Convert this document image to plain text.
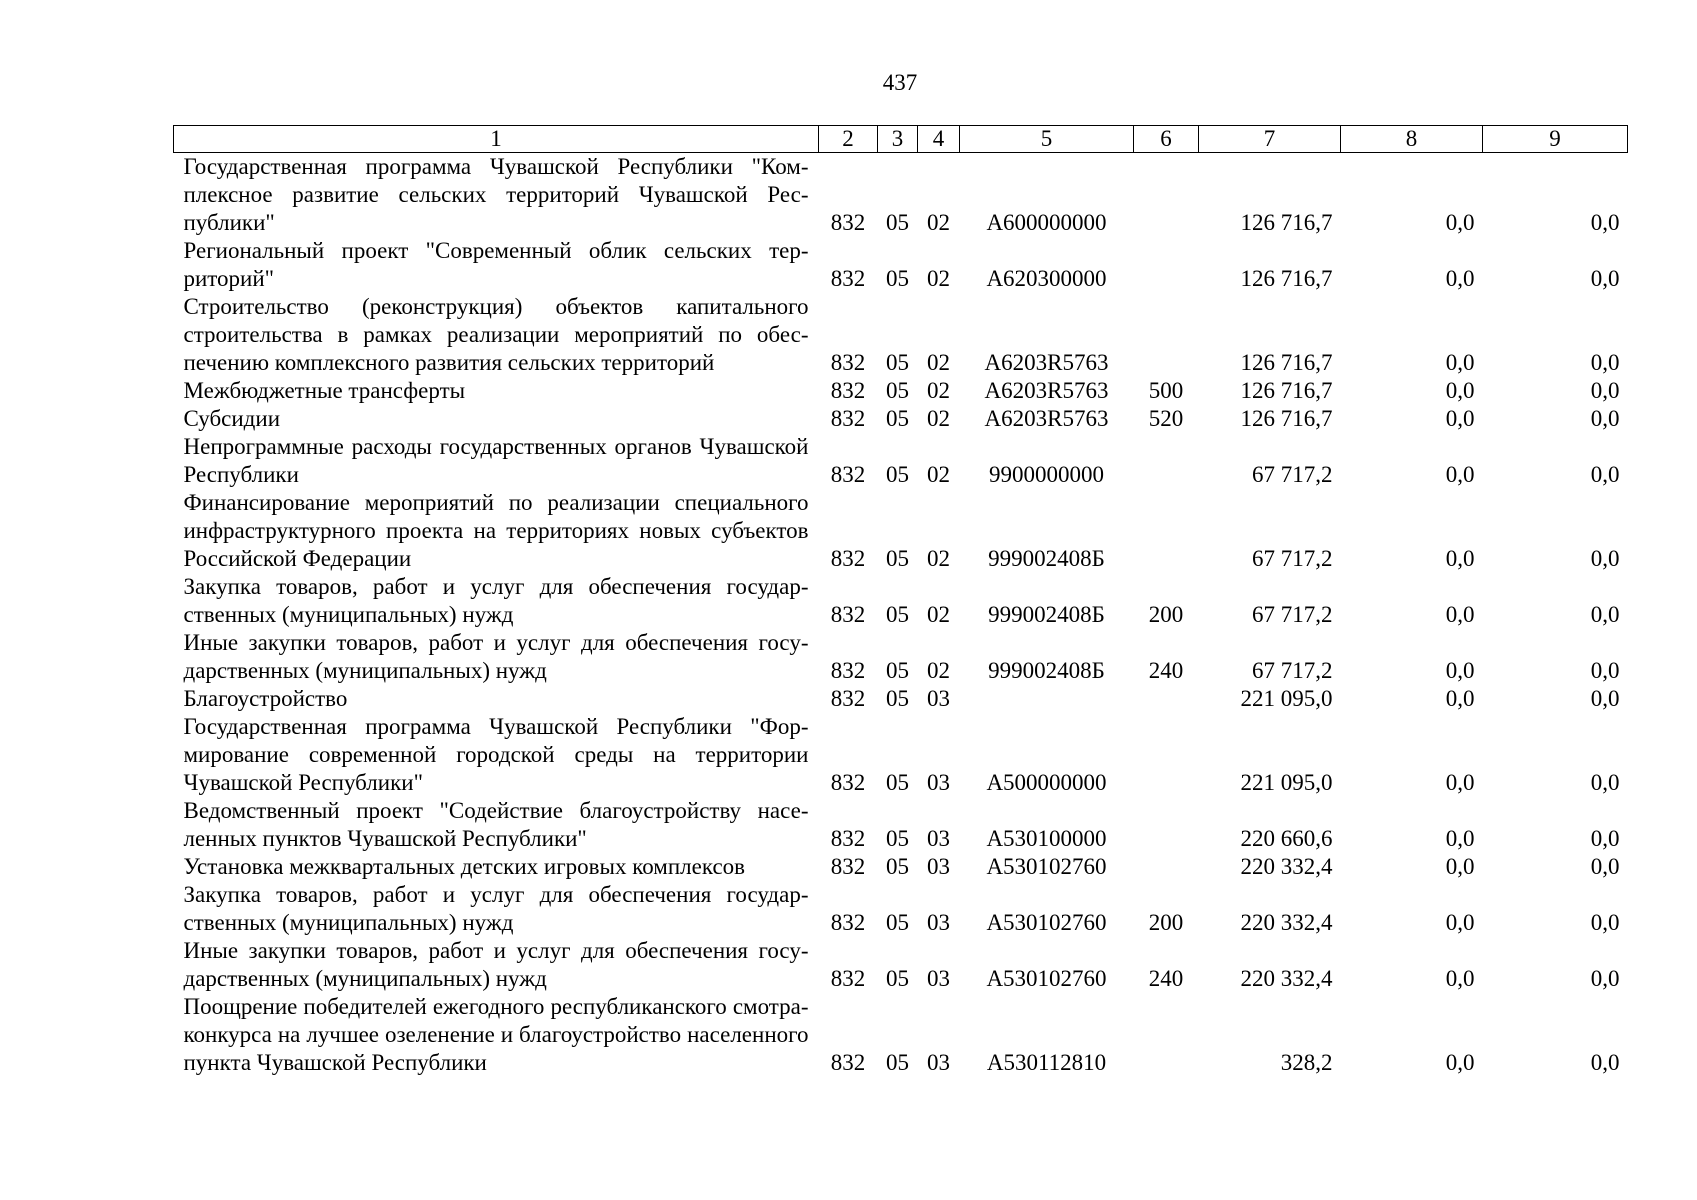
437
1	2	3	4	5	6	7	8	9
Государственная программа Чувашской Республики "Комплексное развитие сельских территорий Чувашской Республики"	832	05	02	A600000000		126 716,7	0,0	0,0
Региональный проект "Современный облик сельских территорий"	832	05	02	A620300000		126 716,7	0,0	0,0
Строительство (реконструкция) объектов капитального строительства в рамках реализации мероприятий по обеспечению комплексного развития сельских территорий	832	05	02	A6203R5763		126 716,7	0,0	0,0
Межбюджетные трансферты	832	05	02	A6203R5763	500	126 716,7	0,0	0,0
Субсидии	832	05	02	A6203R5763	520	126 716,7	0,0	0,0
Непрограммные расходы государственных органов Чувашской Республики	832	05	02	9900000000		67 717,2	0,0	0,0
Финансирование мероприятий по реализации специального инфраструктурного проекта на территориях новых субъектов Российской Федерации	832	05	02	999002408Б		67 717,2	0,0	0,0
Закупка товаров, работ и услуг для обеспечения государственных (муниципальных) нужд	832	05	02	999002408Б	200	67 717,2	0,0	0,0
Иные закупки товаров, работ и услуг для обеспечения государственных (муниципальных) нужд	832	05	02	999002408Б	240	67 717,2	0,0	0,0
Благоустройство	832	05	03			221 095,0	0,0	0,0
Государственная программа Чувашской Республики "Формирование современной городской среды на территории Чувашской Республики"	832	05	03	A500000000		221 095,0	0,0	0,0
Ведомственный проект "Содействие благоустройству населенных пунктов Чувашской Республики"	832	05	03	A530100000		220 660,6	0,0	0,0
Установка межквартальных детских игровых комплексов	832	05	03	A530102760		220 332,4	0,0	0,0
Закупка товаров, работ и услуг для обеспечения государственных (муниципальных) нужд	832	05	03	A530102760	200	220 332,4	0,0	0,0
Иные закупки товаров, работ и услуг для обеспечения государственных (муниципальных) нужд	832	05	03	A530102760	240	220 332,4	0,0	0,0
Поощрение победителей ежегодного республиканского смотра-конкурса на лучшее озеленение и благоустройство населенного пункта Чувашской Республики	832	05	03	A530112810		328,2	0,0	0,0
